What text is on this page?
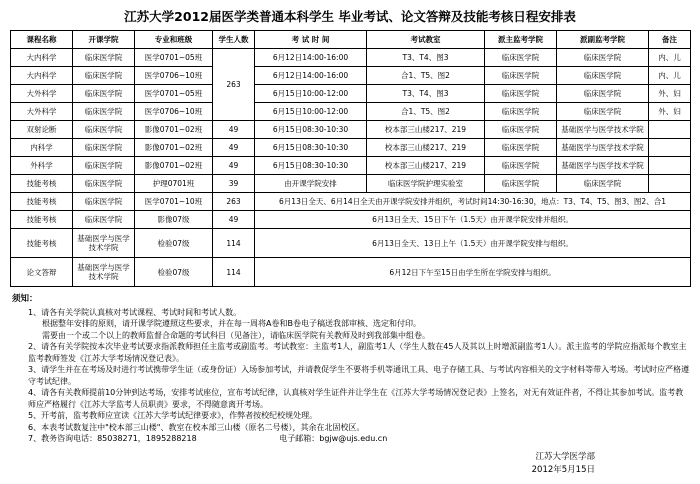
江苏大学2012届医学类普通本科学生 毕业考试、论文答辩及技能考核日程安排表
课程名称	开课学院	专业和班级	学生人数	考 试 时 间	考试教室	派主监考学院	派副监考学院	备注
大内科学	临床医学院	医学0701~05班	263	6月12日14:00-16:00	T3、T4、图3	临床医学院	临床医学院	内、儿
大内科学	临床医学院	医学0706~10班		6月12日14:00-16:00	合1、T5、图2	临床医学院	临床医学院	内、儿
大外科学	临床医学院	医学0701~05班		6月15日10:00-12:00	T3、T4、图3	临床医学院	临床医学院	外、妇
大外科学	临床医学院	医学0706~10班		6月15日10:00-12:00	合1、T5、图2	临床医学院	临床医学院	外、妇
双射论断	临床医学院	影像0701~02班	49	6月15日08:30-10:30	校本部三山楼217、219	临床医学院	基础医学与医学技术学院	
内科学	临床医学院	影像0701~02班	49	6月15日08:30-10:30	校本部三山楼217、219	临床医学院	基础医学与医学技术学院	
外科学	临床医学院	影像0701~02班	49	6月15日08:30-10:30	校本部三山楼217、219	临床医学院	基础医学与医学技术学院	
技能考核	临床医学院	护理0701班	39	由开课学院安排	临床医学院护理实验室	临床医学院	临床医学院	
技能考核	临床医学院	医学0701~10班	263	6月13日全天、6月14日全天由开课学院安排并组织，考试时间14:30-16:30，地点：T3、T4、T5、图3、图2、合1				
技能考核	临床医学院	影像07级	49	6月13日全天、15日下午（1.5天）由开课学院安排并组织。				
技能考核	基础医学与医学技术学院	检验07级	114	6月13日全天、13日上午（1.5天）由开课学院安排与组织。				
论文答辩	基础医学与医学技术学院	检验07级	114	6月12日下午至15日由学生所在学院安排与组织。				
须知：

1、请各有关学院认真核对考试课程、考试时间和考试人数。

根据整年安排的原则，请开课学院遵照这些要求，并在每一周将A卷和B卷电子稿送我部审核、选定和付印。

需要由一个或二个以上的教师监督合命题的考试科目（见备注），请临床医学院有关教师及时到我部集中组卷。

2、请各有关学院按本次毕业考试要求指派教师担任主监考或副监考。考试教室：主监考1人，副监考1人（学生人数在45人及其以上时增派副监考1人）。派主监考的学院应指派每个教室主监考教师签发《江苏大学考场情况登记表》。

3、请学生并在在考场及时进行考试携带学生证（或身份证）入场参加考试，并请教促学生不要将手机等通讯工具、电子存储工具、与考试内容相关的文字材料等带入考场。考试时应严格遵守考试纪律。

4、请各有关教师提前10分钟到达考场，安排考试座位，宣布考试纪律，认真核对学生证件并让学生在《江苏大学考场情况登记表》上签名，对无有效证件者，不得让其参加考试。监考教师应严格履行《江苏大学监考人员职责》要求，不得随意离开考场。

5、开考前，监考教师应宣读《江苏大学考试纪律要求》，作弊者按校纪校规处理。

6、本表考试数复注中"校本部三山楼"、教室在校本部三山楼（原名二号楼），其余在北固校区。

7、教务咨询电话：85038271，1895288218	电子邮箱：bgjw@ujs.edu.cn
江苏大学医学部
2012年5月15日
